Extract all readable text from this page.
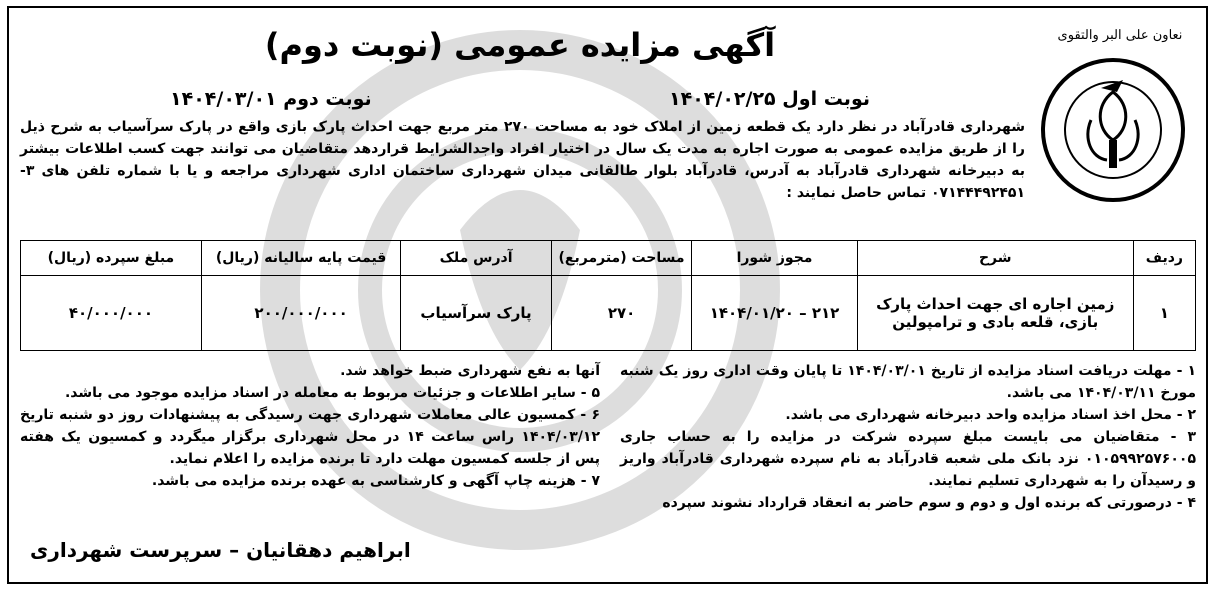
نعاون علی البر والتقوی
آگهی مزایده عمومی (نوبت دوم)
نوبت اول ۱۴۰۴/۰۲/۲۵
نوبت دوم ۱۴۰۴/۰۳/۰۱
شهرداری قادرآباد در نظر دارد یک قطعه زمین از املاک خود به مساحت ۲۷۰ متر مربع جهت احداث پارک بازی واقع در پارک سرآسیاب به شرح ذیل را از طریق مزایده عمومی به صورت اجاره به مدت یک سال در اختیار افراد واجدالشرایط قراردهد متقاضیان می توانند جهت کسب اطلاعات بیشتر به دبیرخانه شهرداری قادرآباد به آدرس، قادرآباد بلوار طالقانی میدان شهرداری ساختمان اداری شهرداری مراجعه و یا با شماره تلفن های ۳- ۰۷۱۴۴۴۹۲۴۵۱ تماس حاصل نمایند :
ردیف	شرح	مجوز شورا	مساحت (مترمربع)	آدرس ملک	قیمت پایه سالیانه (ریال)	مبلغ سپرده (ریال)
۱	زمین اجاره ای جهت احداث پارک بازی، قلعه بادی و ترامپولین	۲۱۲ – ۱۴۰۴/۰۱/۲۰	۲۷۰	پارک سرآسیاب	۲۰۰/۰۰۰/۰۰۰	۴۰/۰۰۰/۰۰۰

۱ - مهلت دریافت اسناد مزایده از تاریخ ۱۴۰۴/۰۳/۰۱ تا پایان وقت اداری روز یک شنبه مورخ ۱۴۰۴/۰۳/۱۱ می باشد.

۲ - محل اخذ اسناد مزایده واحد دبیرخانه شهرداری می باشد.

۳ - متقاضیان می بایست مبلغ سپرده شرکت در مزایده را به حساب جاری ۰۱۰۵۹۹۲۵۷۶۰۰۵ نزد بانک ملی شعبه قادرآباد به نام سپرده شهرداری قادرآباد واریز و رسیدآن را به شهرداری تسلیم نمایند.

۴ - درصورتی که برنده اول و دوم و سوم حاضر به انعقاد قرارداد نشوند سپرده

آنها به نفع شهرداری ضبط خواهد شد.

۵ - سایر اطلاعات و جزئیات مربوط به معامله در اسناد مزایده موجود می باشد.

۶ - کمسیون عالی معاملات شهرداری جهت رسیدگی به پیشنهادات روز دو شنبه تاریخ ۱۴۰۴/۰۳/۱۲ راس ساعت ۱۴ در محل شهرداری برگزار میگردد و کمسیون یک هفته پس از جلسه کمسیون مهلت دارد تا برنده مزایده را اعلام نماید.

۷ - هزینه چاپ آگهی و کارشناسی به عهده برنده مزایده می باشد.

ابراهیم دهقانیان – سرپرست شهرداری
